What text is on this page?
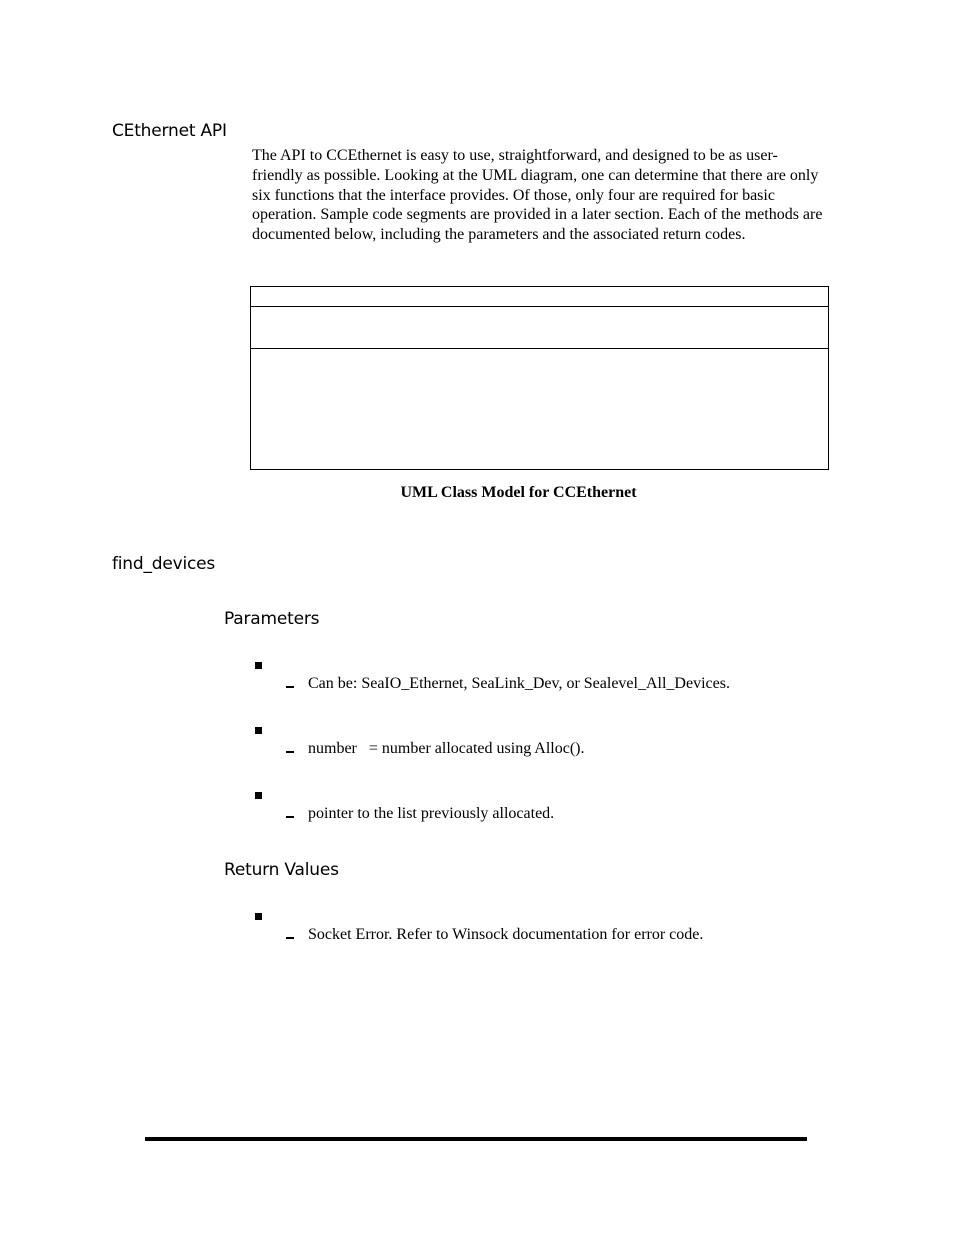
CEthernet API

The API to CCEthernet is easy to use, straightforward, and designed to be as user-friendly as possible. Looking at the UML diagram, one can determine that there are only six functions that the interface provides. Of those, only four are required for basic operation. Sample code segments are provided in a later section. Each of the methods are documented below, including the parameters and the associated return codes.

UML Class Model for CCEthernet
find_devices
Parameters
Can be: SeaIO_Ethernet, SeaLink_Dev, or Sealevel_All_Devices.
number   = number allocated using Alloc().
pointer to the list previously allocated.
Return Values
Socket Error. Refer to Winsock documentation for error code.
